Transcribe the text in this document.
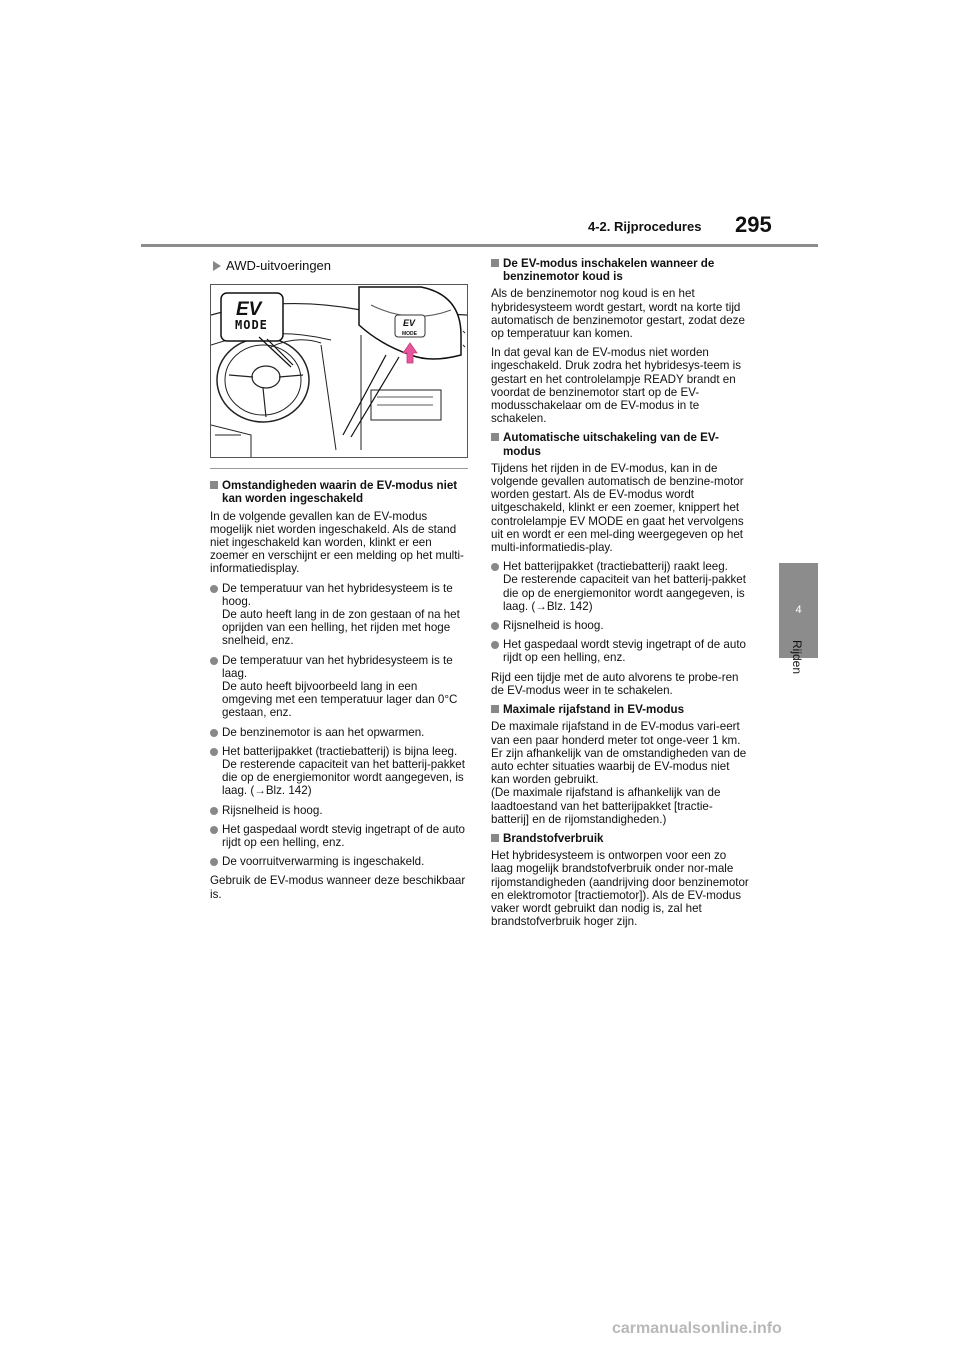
4-2. Rijprocedures 295
4
Rijden
AWD-uitvoeringen
EV
EV
MODE
MODE
Omstandigheden waarin de EV-modus niet kan worden ingeschakeld

In de volgende gevallen kan de EV-modus mogelijk niet worden ingeschakeld. Als de stand niet ingeschakeld kan worden, klinkt er een zoemer en verschijnt er een melding op het multi-informatiedisplay.

De temperatuur van het hybridesysteem is te hoog.
De auto heeft lang in de zon gestaan of na het oprijden van een helling, het rijden met hoge snelheid, enz.
De temperatuur van het hybridesysteem is te laag.
De auto heeft bijvoorbeeld lang in een omgeving met een temperatuur lager dan 0°C gestaan, enz.
De benzinemotor is aan het opwarmen.
Het batterijpakket (tractiebatterij) is bijna leeg.
De resterende capaciteit van het batterij-pakket die op de energiemonitor wordt aangegeven, is laag. (→Blz. 142)
Rijsnelheid is hoog.
Het gaspedaal wordt stevig ingetrapt of de auto rijdt op een helling, enz.
De voorruitverwarming is ingeschakeld.

Gebruik de EV-modus wanneer deze beschikbaar is.

De EV-modus inschakelen wanneer de benzinemotor koud is

Als de benzinemotor nog koud is en het hybridesysteem wordt gestart, wordt na korte tijd automatisch de benzinemotor gestart, zodat deze op temperatuur kan komen.

In dat geval kan de EV-modus niet worden ingeschakeld. Druk zodra het hybridesys-teem is gestart en het controlelampje READY brandt en voordat de benzinemotor start op de EV-modusschakelaar om de EV-modus in te schakelen.

Automatische uitschakeling van de EV-modus

Tijdens het rijden in de EV-modus, kan in de volgende gevallen automatisch de benzine-motor worden gestart. Als de EV-modus wordt uitgeschakeld, klinkt er een zoemer, knippert het controlelampje EV MODE en gaat het vervolgens uit en wordt er een mel-ding weergegeven op het multi-informatiedis-play.

Het batterijpakket (tractiebatterij) raakt leeg.
De resterende capaciteit van het batterij-pakket die op de energiemonitor wordt aangegeven, is laag. (→Blz. 142)
Rijsnelheid is hoog.
Het gaspedaal wordt stevig ingetrapt of de auto rijdt op een helling, enz.

Rijd een tijdje met de auto alvorens te probe-ren de EV-modus weer in te schakelen.

Maximale rijafstand in EV-modus

De maximale rijafstand in de EV-modus vari-eert van een paar honderd meter tot onge-veer 1 km. Er zijn afhankelijk van de omstandigheden van de auto echter situaties waarbij de EV-modus niet kan worden gebruikt.
(De maximale rijafstand is afhankelijk van de laadtoestand van het batterijpakket [tractie-batterij] en de rijomstandigheden.)

Brandstofverbruik

Het hybridesysteem is ontworpen voor een zo laag mogelijk brandstofverbruik onder nor-male rijomstandigheden (aandrijving door benzinemotor en elektromotor [tractiemotor]). Als de EV-modus vaker wordt gebruikt dan nodig is, zal het brandstofverbruik hoger zijn.

carmanualsonline.info
